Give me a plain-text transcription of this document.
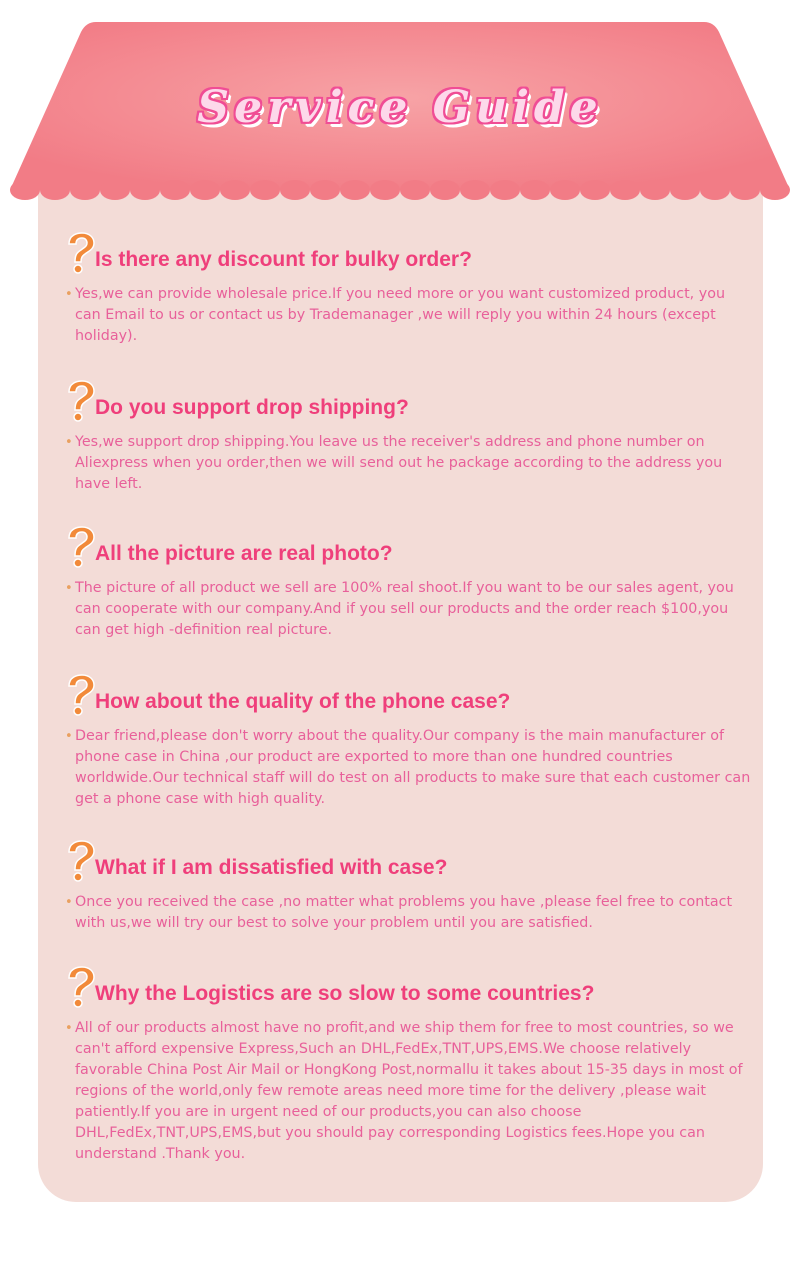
Service Guide
Is there any discount for bulky order?
• Yes,we can provide wholesale price.If you need more or you want customized product, you can Email to us or contact us by Trademanager ,we will reply you within 24 hours (except holiday).
Do you support drop shipping?
• Yes,we support drop shipping.You leave us the receiver's address and phone number on Aliexpress when you order,then we will send out he package according to the address you have left.
All the picture are real photo?
• The picture of all product we sell are 100% real shoot.If you want to be our sales agent, you can cooperate with our company.And if you sell our products and the order reach $100,you can get high -definition real picture.
How about the quality of the phone case?
• Dear friend,please don't worry about the quality.Our company is the main manufacturer of phone case in China ,our product are exported to more than one hundred countries worldwide.Our technical staff will do test on all products to make sure that each customer can get a phone case with high quality.
What if I am dissatisfied with case?
• Once you received the case ,no matter what problems you have ,please feel free to contact with us,we will try our best to solve your problem until you are satisfied.
Why the Logistics are so slow to some countries?
• All of our products almost have no profit,and we ship them for free to most countries, so we can't afford expensive Express,Such an DHL,FedEx,TNT,UPS,EMS.We choose relatively favorable China Post Air Mail or HongKong Post,normallu it takes about 15-35 days in most of regions of the world,only few remote areas need more time for the delivery ,please wait patiently.If you are in urgent need of our products,you can also choose DHL,FedEx,TNT,UPS,EMS,but you should pay corresponding Logistics fees.Hope you can understand .Thank you.
